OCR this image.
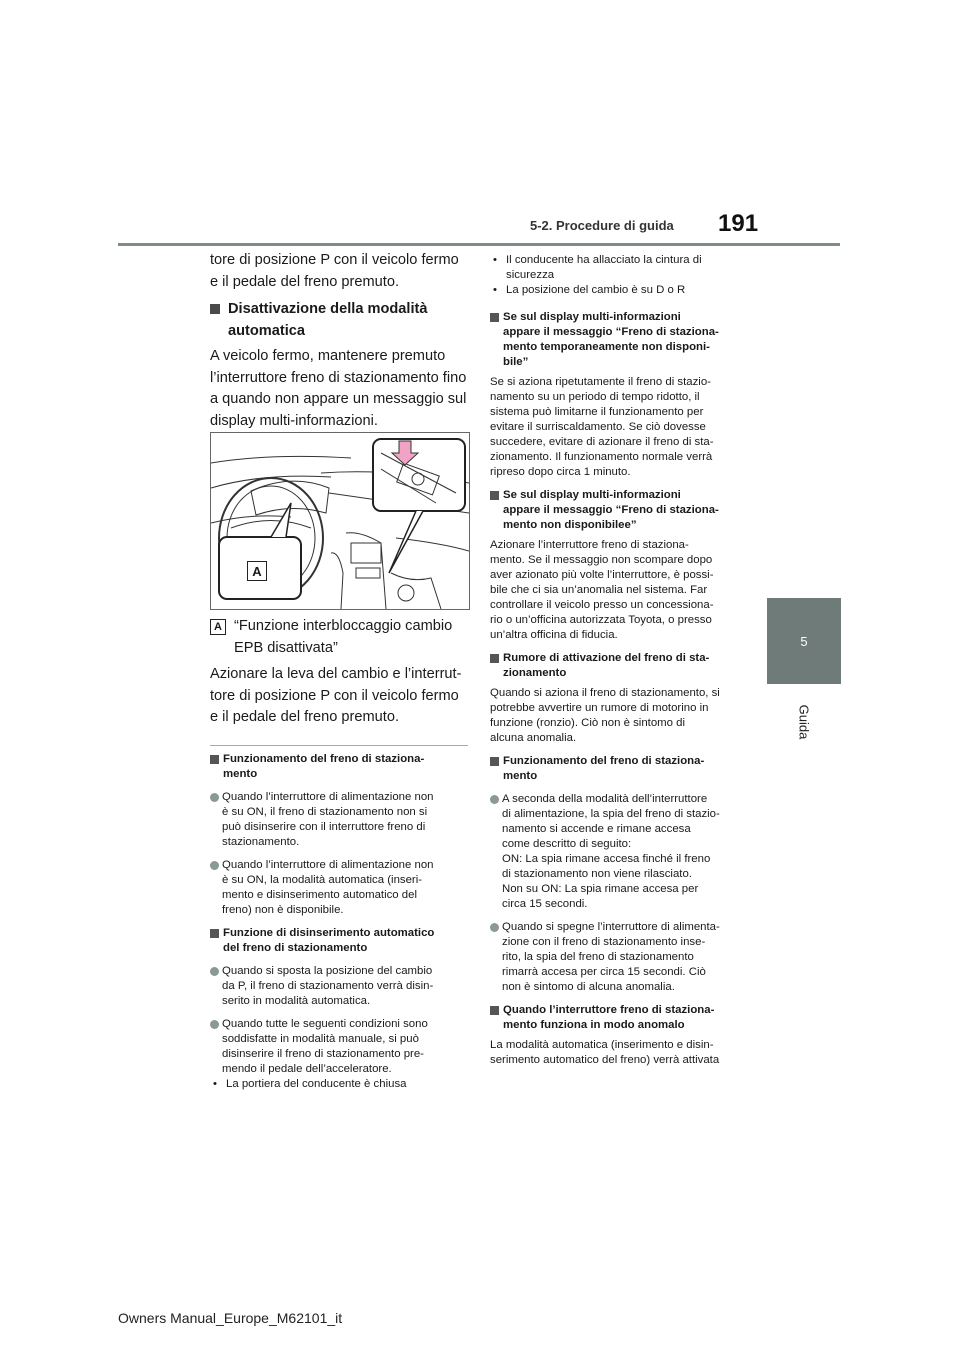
5-2. Procedure di guida 191
5
Guida

tore di posizione P con il veicolo fermo
e il pedale del freno premuto.

Disattivazione della modalità
automatica

A veicolo fermo, mantenere premuto
l’interruttore freno di stazionamento fino
a quando non appare un messaggio sul
display multi-informazioni.

A
A “Funzione interbloccaggio cambio
EPB disattivata”

Azionare la leva del cambio e l’interrut-
tore di posizione P con il veicolo fermo
e il pedale del freno premuto.

Funzionamento del freno di staziona-
mento

Quando l’interruttore di alimentazione non
è su ON, il freno di stazionamento non si
può disinserire con il interruttore freno di
stazionamento.

Quando l’interruttore di alimentazione non
è su ON, la modalità automatica (inseri-
mento e disinserimento automatico del
freno) non è disponibile.

Funzione di disinserimento automatico
del freno di stazionamento

Quando si sposta la posizione del cambio
da P, il freno di stazionamento verrà disin-
serito in modalità automatica.

Quando tutte le seguenti condizioni sono
soddisfatte in modalità manuale, si può
disinserire il freno di stazionamento pre-
mendo il pedale dell’acceleratore.

• La portiera del conducente è chiusa

• Il conducente ha allacciato la cintura di
sicurezza

• La posizione del cambio è su D o R

Se sul display multi-informazioni
appare il messaggio “Freno di staziona-
mento temporaneamente non disponi-
bile”

Se si aziona ripetutamente il freno di stazio-
namento su un periodo di tempo ridotto, il
sistema può limitarne il funzionamento per
evitare il surriscaldamento. Se ciò dovesse
succedere, evitare di azionare il freno di sta-
zionamento. Il funzionamento normale verrà
ripreso dopo circa 1 minuto.

Se sul display multi-informazioni
appare il messaggio “Freno di staziona-
mento non disponibilee”

Azionare l’interruttore freno di staziona-
mento. Se il messaggio non scompare dopo
aver azionato più volte l’interruttore, è possi-
bile che ci sia un’anomalia nel sistema. Far
controllare il veicolo presso un concessiona-
rio o un’officina autorizzata Toyota, o presso
un’altra officina di fiducia.

Rumore di attivazione del freno di sta-
zionamento

Quando si aziona il freno di stazionamento, si
potrebbe avvertire un rumore di motorino in
funzione (ronzio). Ciò non è sintomo di
alcuna anomalia.

Funzionamento del freno di staziona-
mento

A seconda della modalità dell’interruttore
di alimentazione, la spia del freno di stazio-
namento si accende e rimane accesa
come descritto di seguito:
ON: La spia rimane accesa finché il freno
di stazionamento non viene rilasciato.
Non su ON: La spia rimane accesa per
circa 15 secondi.

Quando si spegne l’interruttore di alimenta-
zione con il freno di stazionamento inse-
rito, la spia del freno di stazionamento
rimarrà accesa per circa 15 secondi. Ciò
non è sintomo di alcuna anomalia.

Quando l’interruttore freno di staziona-
mento funziona in modo anomalo

La modalità automatica (inserimento e disin-
serimento automatico del freno) verrà attivata

Owners Manual_Europe_M62101_it
